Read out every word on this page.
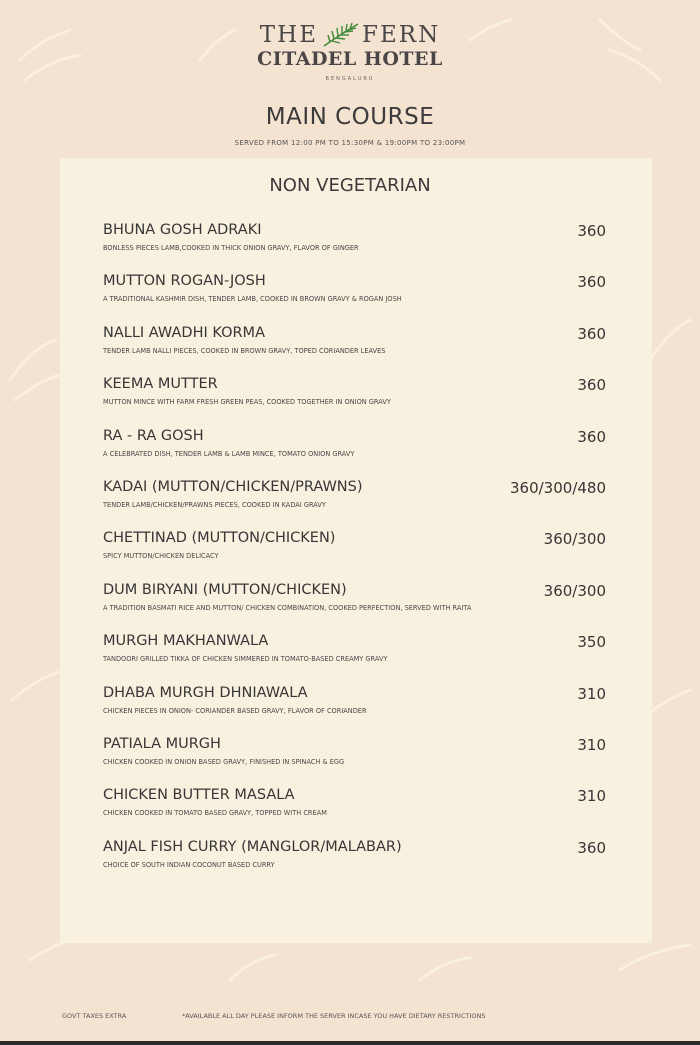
THE FERN
CITADEL HOTEL
BENGALURU
MAIN COURSE
SERVED FROM 12:00 PM TO 15:30PM & 19:00PM TO 23:00PM
NON VEGETARIAN
BHUNA GOSH ADRAKI	360
BONLESS PIECES LAMB,COOKED IN THICK ONION GRAVY, FLAVOR OF GINGER
MUTTON ROGAN-JOSH	360
A TRADITIONAL KASHMIR DISH, TENDER LAMB, COOKED IN BROWN GRAVY & ROGAN JOSH
NALLI AWADHI KORMA	360
TENDER LAMB NALLI PIECES, COOKED IN BROWN GRAVY, TOPED CORIANDER LEAVES
KEEMA MUTTER	360
MUTTON MINCE WITH FARM FRESH GREEN PEAS, COOKED TOGETHER IN ONION GRAVY
RA - RA GOSH	360
A CELEBRATED DISH, TENDER LAMB & LAMB MINCE, TOMATO ONION GRAVY
KADAI (MUTTON/CHICKEN/PRAWNS)	360/300/480
TENDER LAMB/CHICKEN/PRAWNS PIECES, COOKED IN KADAI GRAVY
CHETTINAD (MUTTON/CHICKEN)	360/300
SPICY MUTTON/CHICKEN DELICACY
DUM BIRYANI (MUTTON/CHICKEN)	360/300
A TRADITION BASMATI RICE AND MUTTON/ CHICKEN COMBINATION, COOKED PERFECTION, SERVED WITH RAITA
MURGH MAKHANWALA	350
TANDOORI GRILLED TIKKA OF CHICKEN SIMMERED IN TOMATO-BASED CREAMY GRAVY
DHABA MURGH DHNIAWALA	310
CHICKEN PIECES IN ONION- CORIANDER BASED GRAVY, FLAVOR OF CORIANDER
PATIALA MURGH	310
CHICKEN COOKED IN ONION BASED GRAVY, FINISHED IN SPINACH & EGG
CHICKEN BUTTER MASALA	310
CHICKEN COOKED IN TOMATO BASED GRAVY, TOPPED WITH CREAM
ANJAL FISH CURRY (MANGLOR/MALABAR)	360
CHOICE OF SOUTH INDIAN COCONUT BASED CURRY
GOVT TAXES EXTRA	*AVAILABLE ALL DAY PLEASE INFORM THE SERVER INCASE YOU HAVE DIETARY RESTRICTIONS
